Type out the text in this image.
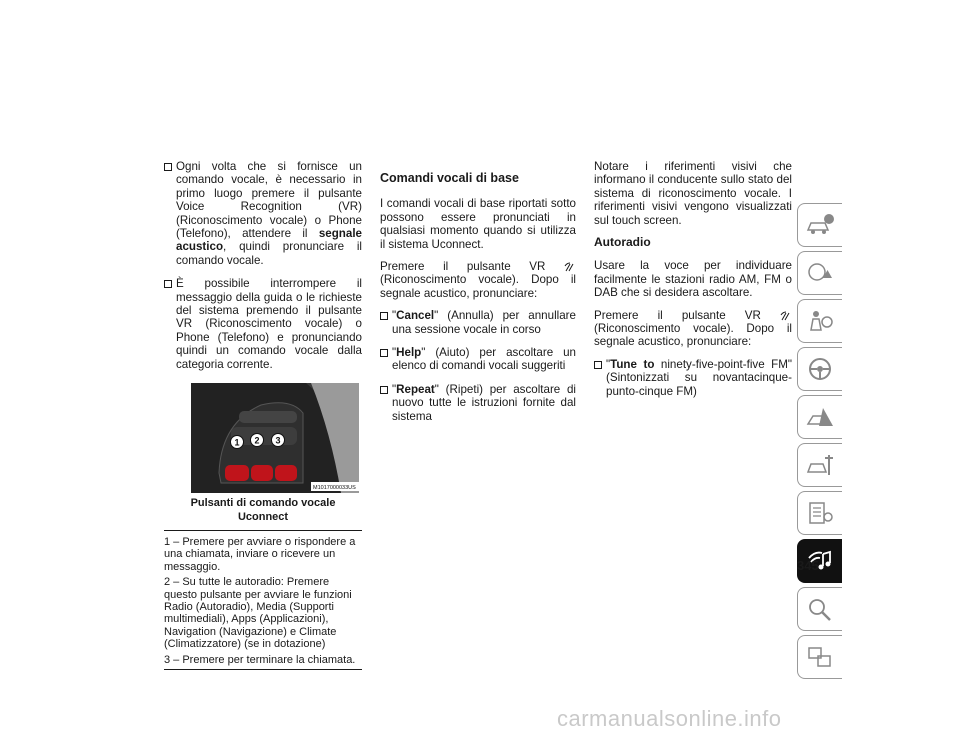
Ogni volta che si fornisce un comando vocale, è necessario in primo luogo premere il pulsante Voice Recognition (VR) (Riconoscimento vocale) o Phone (Telefono), attendere il segnale acustico, quindi pronunciare il comando vocale.
È possibile interrompere il messaggio della guida o le richieste del sistema premendo il pulsante VR (Riconoscimento vocale) o Phone (Telefono) e pronunciando quindi un comando vocale dalla categoria corrente.
1 2 3
M1017000033US
Pulsanti di comando vocale Uconnect

1 – Premere per avviare o rispondere a una chiamata, inviare o ricevere un messaggio.

2 – Su tutte le autoradio: Premere questo pulsante per avviare le funzioni Radio (Autoradio), Media (Supporti multimediali), Apps (Applicazioni), Navigation (Navigazione) e Climate (Climatizzatore) (se in dotazione)

3 – Premere per terminare la chiamata.

Comandi vocali di base

I comandi vocali di base riportati sotto possono essere pronunciati in qualsiasi momento quando si utilizza il sistema Uconnect.

Premere il pulsante VR  (Riconoscimento vocale). Dopo il segnale acustico, pronunciare:

"Cancel" (Annulla) per annullare una sessione vocale in corso
"Help" (Aiuto) per ascoltare un elenco di comandi vocali suggeriti
"Repeat" (Ripeti) per ascoltare di nuovo tutte le istruzioni fornite dal sistema

Notare i riferimenti visivi che informano il conducente sullo stato del sistema di riconoscimento vocale. I riferimenti visivi vengono visualizzati sul touch screen.

Autoradio

Usare la voce per individuare facilmente le stazioni radio AM, FM o DAB che si desidera ascoltare.

Premere il pulsante VR  (Riconoscimento vocale). Dopo il segnale acustico, pronunciare:

"Tune to ninety-five-point-five FM" (Sintonizzati su novantacinque-punto-cinque FM)
345
carmanualsonline.info
